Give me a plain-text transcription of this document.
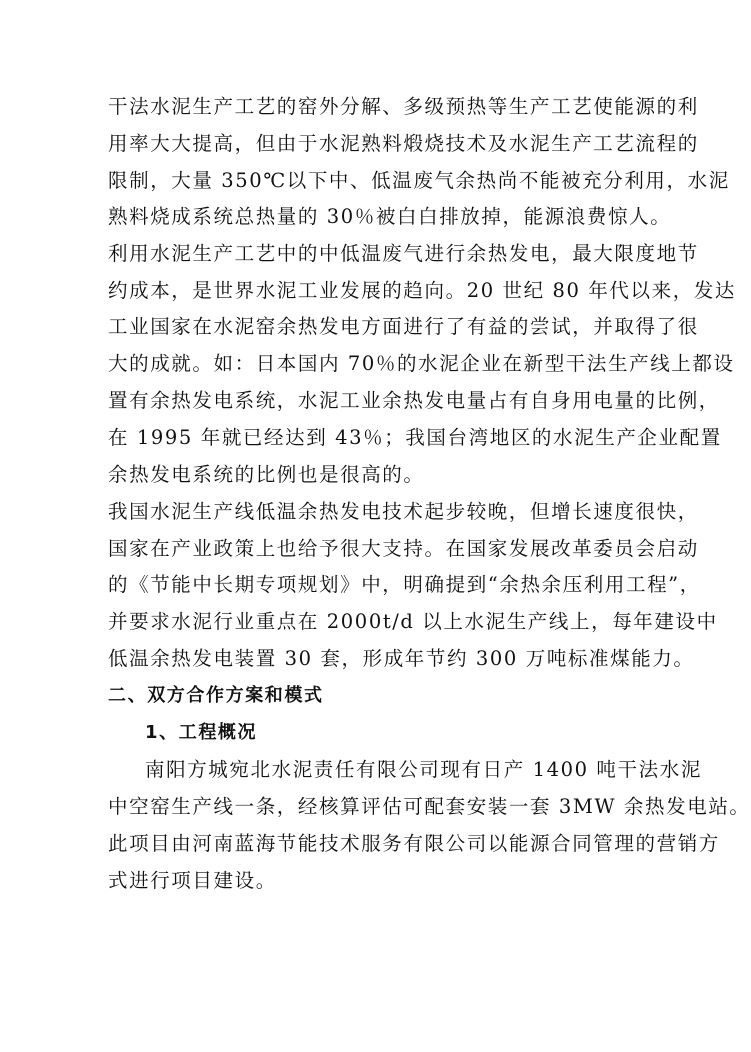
干法水泥生产工艺的窑外分解、多级预热等生产工艺使能源的利
用率大大提高，但由于水泥熟料煅烧技术及水泥生产工艺流程的
限制，大量 350℃以下中、低温废气余热尚不能被充分利用，水泥
熟料烧成系统总热量的 30％被白白排放掉，能源浪费惊人。
利用水泥生产工艺中的中低温废气进行余热发电，最大限度地节
约成本，是世界水泥工业发展的趋向。20 世纪 80 年代以来，发达
工业国家在水泥窑余热发电方面进行了有益的尝试，并取得了很
大的成就。如：日本国内 70％的水泥企业在新型干法生产线上都设
置有余热发电系统，水泥工业余热发电量占有自身用电量的比例，
在 1995 年就已经达到 43％；我国台湾地区的水泥生产企业配置
余热发电系统的比例也是很高的。
我国水泥生产线低温余热发电技术起步较晚，但增长速度很快，
国家在产业政策上也给予很大支持。在国家发展改革委员会启动
的《节能中长期专项规划》中，明确提到“余热余压利用工程”，
并要求水泥行业重点在 2000t/d 以上水泥生产线上，每年建设中
低温余热发电装置 30 套，形成年节约 300 万吨标准煤能力。
二、双方合作方案和模式
1、工程概况
南阳方城宛北水泥责任有限公司现有日产 1400 吨干法水泥
中空窑生产线一条，经核算评估可配套安装一套 3MW 余热发电站。
此项目由河南蓝海节能技术服务有限公司以能源合同管理的营销方
式进行项目建设。
